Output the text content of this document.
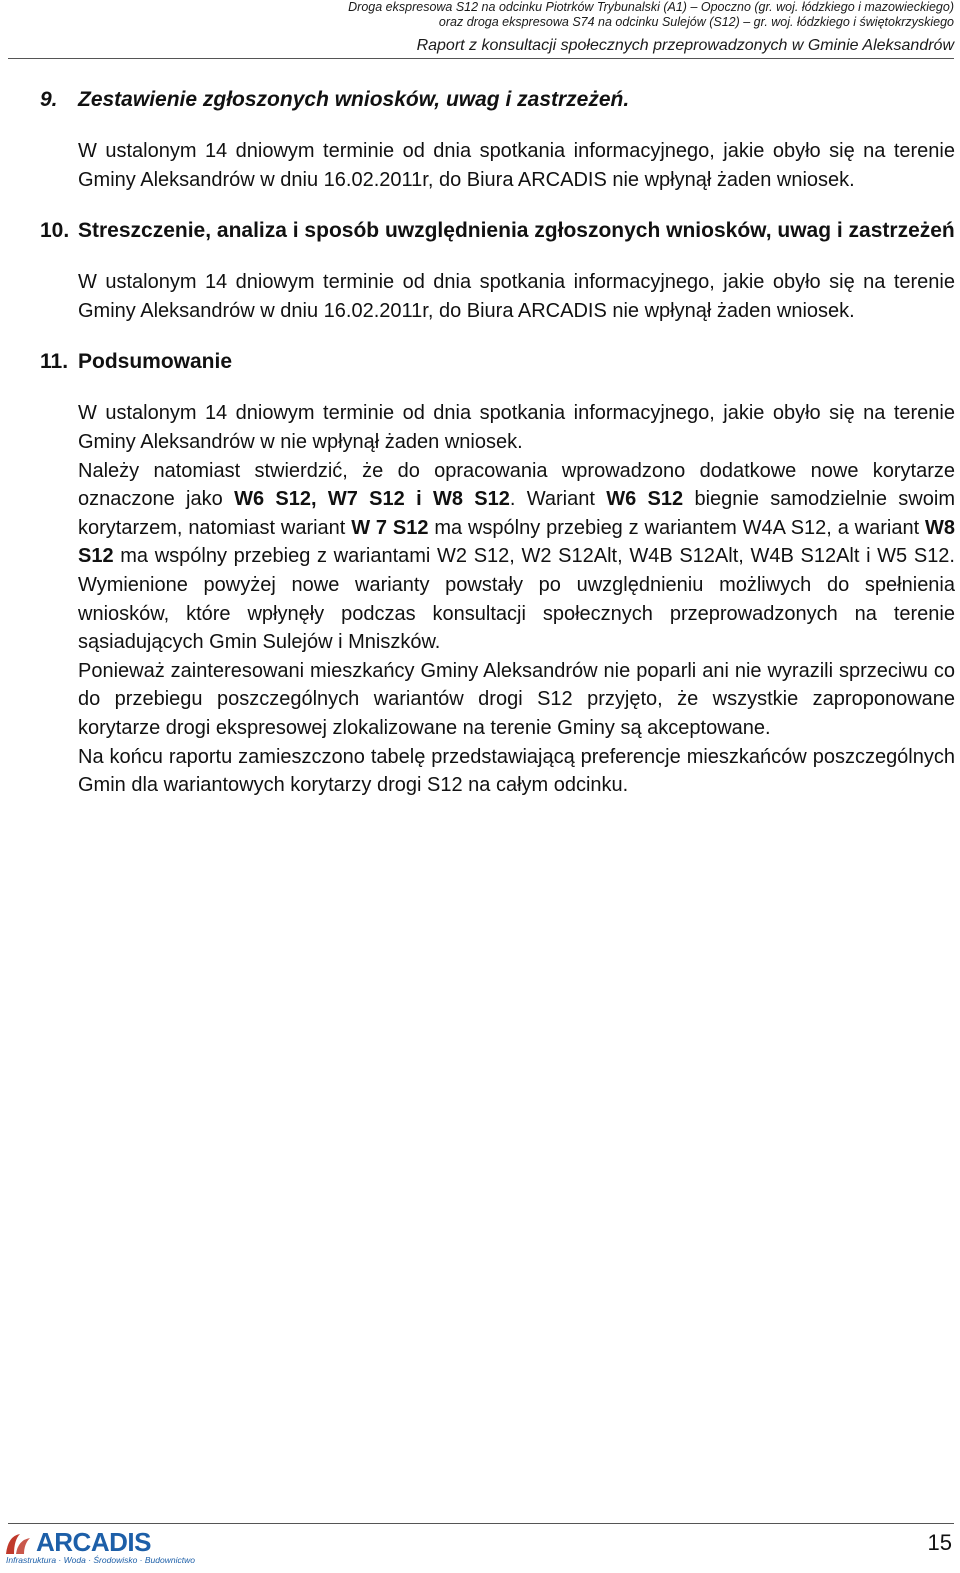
Droga ekspresowa S12 na odcinku Piotrków Trybunalski (A1) – Opoczno (gr. woj. łódzkiego i mazowieckiego)
oraz droga ekspresowa S74 na odcinku Sulejów (S12) – gr. woj. łódzkiego i świętokrzyskiego
Raport z konsultacji społecznych przeprowadzonych w Gminie Aleksandrów
9. Zestawienie zgłoszonych wniosków, uwag i zastrzeżeń.

W ustalonym 14 dniowym terminie od dnia spotkania informacyjnego, jakie obyło się na terenie Gminy Aleksandrów w dniu 16.02.2011r, do Biura ARCADIS nie wpłynął żaden wniosek.

10. Streszczenie, analiza i sposób uwzględnienia zgłoszonych wniosków, uwag i zastrzeżeń

W ustalonym 14 dniowym terminie od dnia spotkania informacyjnego, jakie obyło się na terenie Gminy Aleksandrów w dniu 16.02.2011r, do Biura ARCADIS nie wpłynął żaden wniosek.

11. Podsumowanie

W ustalonym 14 dniowym terminie od dnia spotkania informacyjnego, jakie obyło się na terenie Gminy Aleksandrów w nie wpłynął żaden wniosek.

Należy natomiast stwierdzić, że do opracowania wprowadzono dodatkowe nowe korytarze oznaczone jako W6 S12, W7 S12 i W8 S12. Wariant W6 S12 biegnie samodzielnie swoim korytarzem, natomiast wariant W 7 S12 ma wspólny przebieg z wariantem W4A S12, a wariant W8 S12 ma wspólny przebieg z wariantami W2 S12, W2 S12Alt, W4B S12Alt, W4B S12Alt i W5 S12. Wymienione powyżej nowe warianty powstały po uwzględnieniu możliwych do spełnienia wniosków, które wpłynęły podczas konsultacji społecznych przeprowadzonych na terenie sąsiadujących Gmin Sulejów i Mniszków.

Ponieważ zainteresowani mieszkańcy Gminy Aleksandrów nie poparli ani nie wyrazili sprzeciwu co do przebiegu poszczególnych wariantów drogi S12 przyjęto, że wszystkie zaproponowane korytarze drogi ekspresowej zlokalizowane na terenie Gminy są akceptowane.

Na końcu raportu zamieszczono tabelę przedstawiającą preferencje mieszkańców poszczególnych Gmin dla wariantowych korytarzy drogi S12 na całym odcinku.

ARCADIS
Infrastruktura · Woda · Środowisko · Budownictwo
15
